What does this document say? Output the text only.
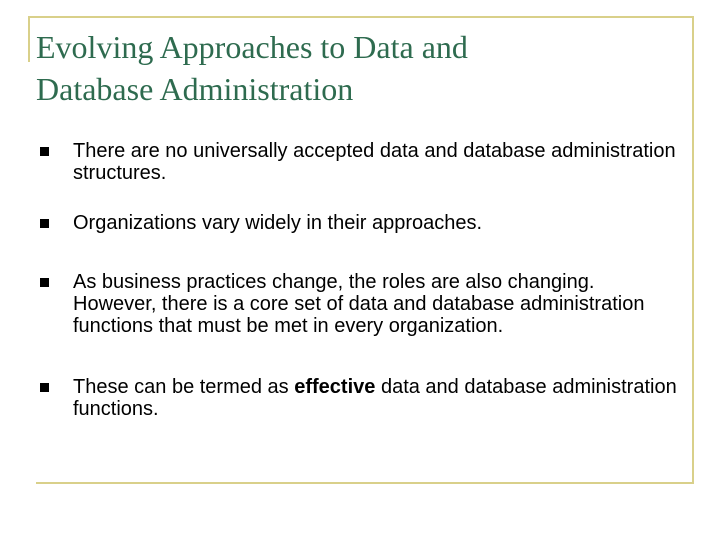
Evolving Approaches to Data and
Database Administration
There are no universally accepted data and database administration structures.
Organizations vary widely in their approaches.
As business practices change, the roles are also changing. However, there is a core set of data and database administration functions that must be met in every organization.
These can be termed as effective data and database administration functions.
